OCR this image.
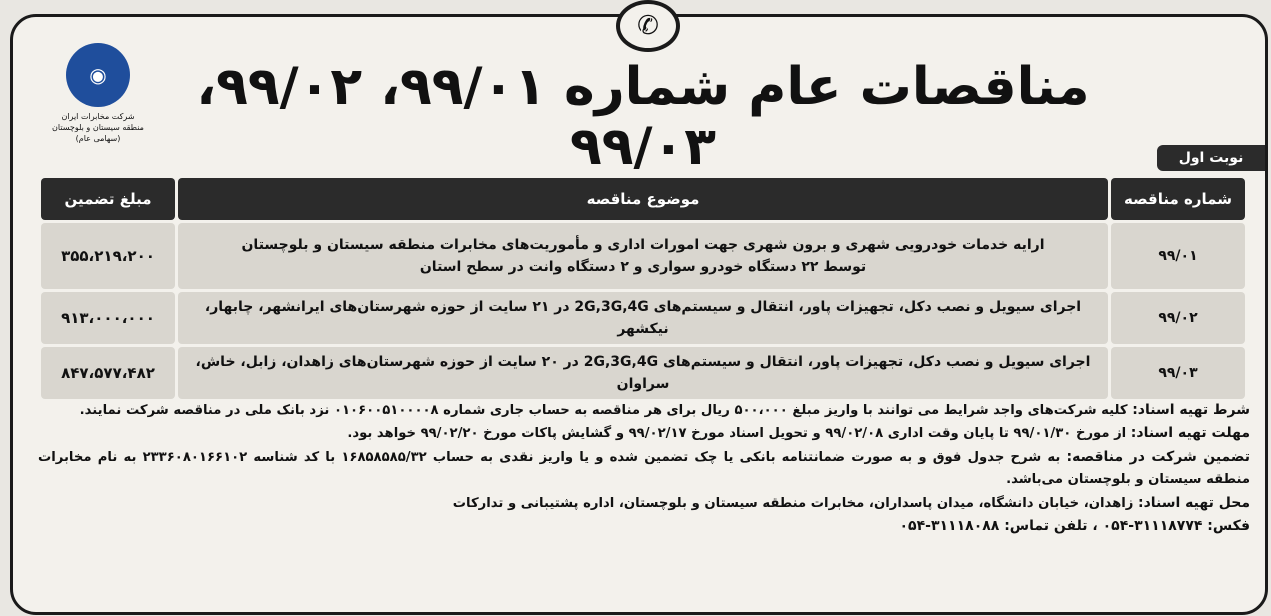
◉
شرکت مخابرات ایران
منطقه سیستان و بلوچستان
(سهامی عام)
مناقصات عام شماره ۹۹/۰۱، ۹۹/۰۲، ۹۹/۰۳	نوبت اول
شماره مناقصه	موضوع مناقصه	مبلغ تضمین
۹۹/۰۱	ارایه خدمات خودرویی شهری و برون شهری جهت امورات اداری و مأموریت‌های مخابرات منطقه سیستان و بلوچستان
توسط ۲۲ دستگاه خودرو سواری و ۲ دستگاه وانت در سطح استان	۳۵۵،۲۱۹،۲۰۰
۹۹/۰۲	اجرای سیویل و نصب دکل، تجهیزات پاور، انتقال و سیستم‌های 2G,3G,4G در ۲۱ سایت از حوزه شهرستان‌های ایرانشهر، چابهار، نیکشهر	۹۱۳،۰۰۰،۰۰۰
۹۹/۰۳	اجرای سیویل و نصب دکل، تجهیزات پاور، انتقال و سیستم‌های 2G,3G,4G در ۲۰ سایت از حوزه شهرستان‌های زاهدان، زابل، خاش، سراوان	۸۴۷،۵۷۷،۴۸۲

شرط تهیه اسناد: کلیه شرکت‌های واجد شرایط می توانند با واریز مبلغ ۵۰۰،۰۰۰ ریال برای هر مناقصه به حساب جاری شماره ۰۱۰۶۰۰۵۱۰۰۰۰۸ نزد بانک ملی در مناقصه شرکت نمایند.

مهلت تهیه اسناد: از مورخ ۹۹/۰۱/۳۰ تا پایان وقت اداری ۹۹/۰۲/۰۸ و تحویل اسناد مورخ ۹۹/۰۲/۱۷ و گشایش پاکات مورخ ۹۹/۰۲/۲۰ خواهد بود.

تضمین شرکت در مناقصه: به شرح جدول فوق و به صورت ضمانتنامه بانکی یا چک تضمین شده و یا واریز نقدی به حساب ۱۶۸۵۸۵۸۵/۳۲ با کد شناسه ۲۳۳۶۰۸۰۱۶۶۱۰۲ به نام مخابرات منطقه سیستان و بلوچستان می‌باشد.

محل تهیه اسناد: زاهدان، خیابان دانشگاه، میدان پاسداران، مخابرات منطقه سیستان و بلوچستان، اداره پشتیبانی و تدارکات

فکس: ۳۱۱۱۸۷۷۴-۰۵۴ ، تلفن تماس: ۳۱۱۱۸۰۸۸-۰۵۴

✆
